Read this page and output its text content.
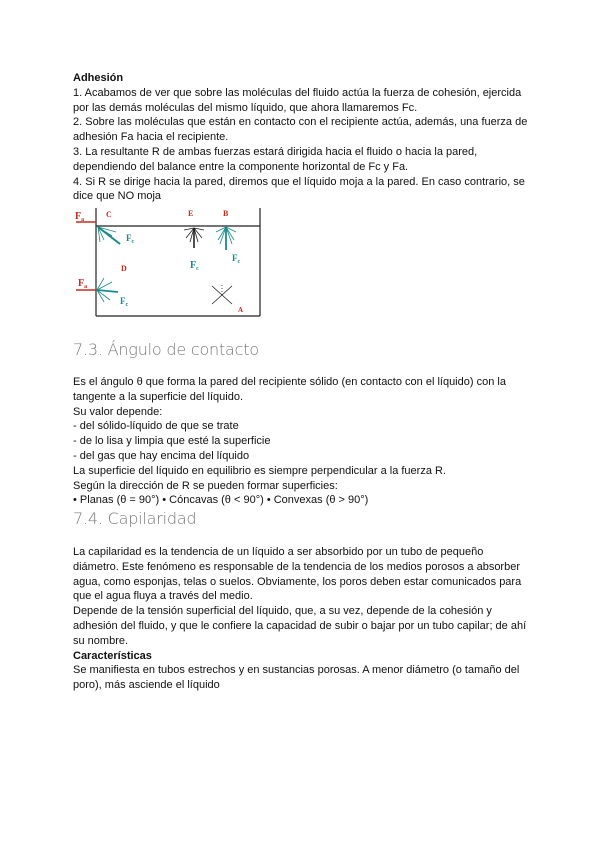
Adhesión

1. Acabamos de ver que sobre las moléculas del fluido actúa la fuerza de cohesión, ejercida por las demás moléculas del mismo líquido, que ahora llamaremos Fc.

2. Sobre las moléculas que están en contacto con el recipiente actúa, además, una fuerza de adhesión Fa hacia el recipiente.

3. La resultante R de ambas fuerzas estará dirigida hacia el fluido o hacia la pared, dependiendo del balance entre la componente horizontal de Fc y Fa.

4. Si R se dirige hacia la pared, diremos que el líquido moja a la pared. En caso contrario, se dice que NO moja

$F_a$
C
$F_c$
E
$F_c$
B
$F_c$
D
$F_a$
$F_c$
A
7.3. Ángulo de contacto

Es el ángulo θ que forma la pared del recipiente sólido (en contacto con el líquido) con la tangente a la superficie del líquido.

Su valor depende:

- del sólido-líquido de que se trate

- de lo lisa y limpia que esté la superficie

- del gas que hay encima del líquido

La superficie del líquido en equilibrio es siempre perpendicular a la fuerza R.

Según la dirección de R se pueden formar superficies:

• Planas (θ = 90°) • Cóncavas (θ < 90°) • Convexas (θ > 90°)

7.4. Capilaridad

La capilaridad es la tendencia de un líquido a ser absorbido por un tubo de pequeño diámetro. Este fenómeno es responsable de la tendencia de los medios porosos a absorber agua, como esponjas, telas o suelos. Obviamente, los poros deben estar comunicados para que el agua fluya a través del medio.

Depende de la tensión superficial del líquido, que, a su vez, depende de la cohesión y adhesión del fluido, y que le confiere la capacidad de subir o bajar por un tubo capilar; de ahí su nombre.

Características

Se manifiesta en tubos estrechos y en sustancias porosas. A menor diámetro (o tamaño del poro), más asciende el líquido
